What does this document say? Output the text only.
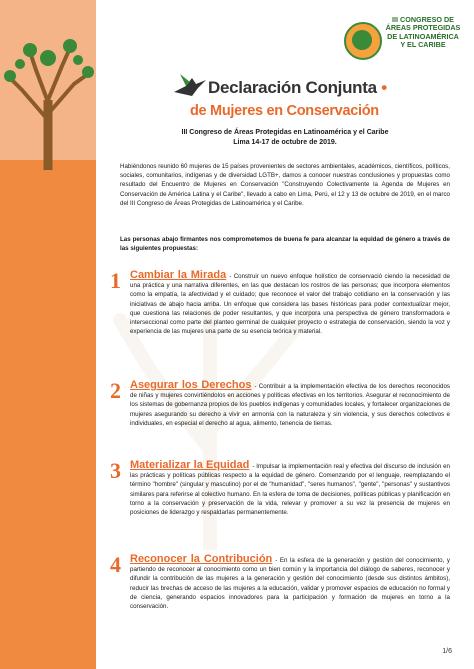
III CONGRESO DE
ÁREAS PROTEGIDAS
DE LATINOAMÉRICA
Y EL CARIBE
Declaración Conjunta •
de Mujeres en Conservación
III Congreso de Áreas Protegidas en Latinoamérica y el Caribe
Lima 14-17 de octubre de 2019.
Habiéndonos reunido 60 mujeres de 15 países provenientes de sectores ambientales, académicos, científicos, políticos, sociales, comunitarios, indígenas y de diversidad LGTB+, damos a conocer nuestras conclusiones y propuestas como resultado del Encuentro de Mujeres en Conservación "Construyendo Colectivamente la Agenda de Mujeres en Conservación de América Latina y el Caribe", llevado a cabo en Lima, Perú, el 12 y 13 de octubre de 2019, en el marco del III Congreso de Áreas Protegidas de Latinoamérica y el Caribe.
Las personas abajo firmantes nos comprometemos de buena fe para alcanzar la equidad de género a través de las siguientes propuestas:
1 Cambiar la Mirada - Construir un nuevo enfoque holístico de conservació ciendo la necesidad de una práctica y una narrativa diferentes, en las que destacan los rostros de las personas; que incorpora elementos como la empatía, la afectividad y el cuidado; que reconoce el valor del trabajo cotidiano en la conservación y las iniciativas de abajo hacia arriba. Un enfoque que considera las bases históricas para poder contextualizar mejor, que cuestiona las relaciones de poder resultantes, y que incorpora una perspectiva de género transformadora e interseccional como parte del planteo germinal de cualquier proyecto o estrategia de conservación, siendo la voz y experiencia de las mujeres una parte de su esencia teórica y material.
2 Asegurar los Derechos - Contribuir a la implementación efectiva de los derechos reconocidos de niñas y mujeres convirtiéndolos en acciones y políticas efectivas en los territorios. Asegurar el reconocimiento de los sistemas de gobernanza propios de los pueblos indígenas y comunidades locales, y fortalecer organizaciones de mujeres asegurando su derecho a vivir en armonía con la naturaleza y sin violencia, y sus derechos colectivos e individuales, en especial el derecho al agua, alimento, tenencia de tierras.
3 Materializar la Equidad - Impulsar la implementación real y efectiva del discurso de inclusión en las prácticas y políticas públicas respecto a la equidad de género. Comenzando por el lenguaje, reemplazando el término "hombre" (singular y masculino) por el de "humanidad", "seres humanos", "gente", "personas" y sustantivos similares para referirse al colectivo humano. En la esfera de toma de decisiones, políticas públicas y planificación en torno a la conservación y preservación de la vida, relevar y promover a su vez la presencia de mujeres en posiciones de liderazgo y respaldarlas permanentemente.
4 Reconocer la Contribución - En la esfera de la generación y gestión del conocimiento, y partiendo de reconocer al conocimiento como un bien común y la importancia del diálogo de saberes, reconocer y difundir la contribución de las mujeres a la generación y gestión del conocimiento (desde sus distintos ámbitos), reducir las brechas de acceso de las mujeres a la educación, validar y promover espacios de educación no formal y de ciencia, generando espacios innovadores para la participación y formación de mujeres en torno a la conservación.
1/6
